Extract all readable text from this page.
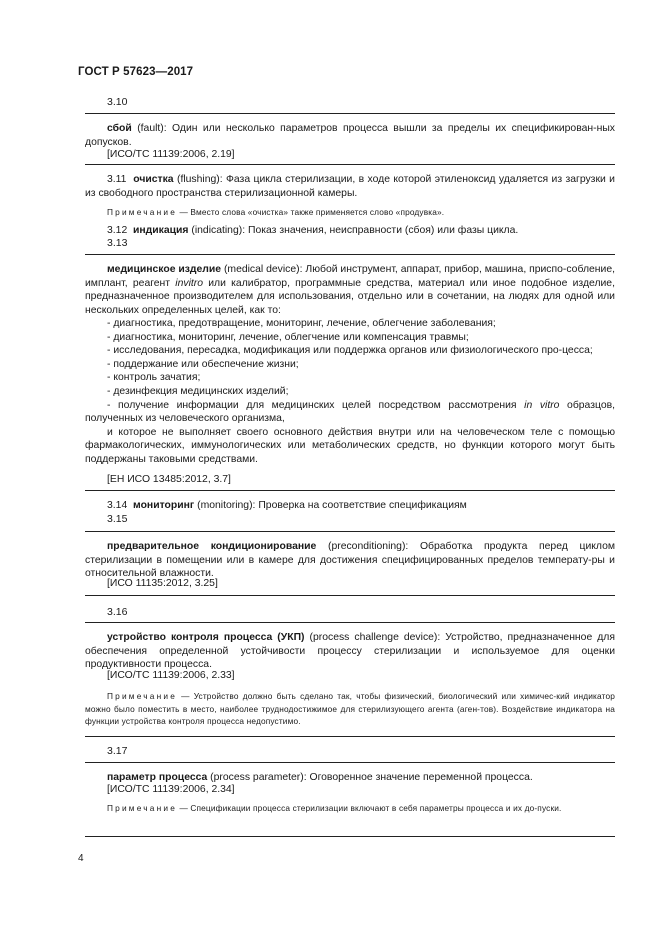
ГОСТ Р 57623—2017
3.10
сбой (fault): Один или несколько параметров процесса вышли за пределы их спецификирован-ных допусков.
[ИСО/ТС 11139:2006, 2.19]
3.11 очистка (flushing): Фаза цикла стерилизации, в ходе которой этиленоксид удаляется из загрузки и из свободного пространства стерилизационной камеры.
Примечание — Вместо слова «очистка» также применяется слово «продувка».
3.12 индикация (indicating): Показ значения, неисправности (сбоя) или фазы цикла.
3.13
медицинское изделие (medical device): Любой инструмент, аппарат, прибор, машина, приспо-собление, имплант, реагент invitro или калибратор, программные средства, материал или иное подобное изделие, предназначенное производителем для использования, отдельно или в сочетании, на людях для одной или нескольких определенных целей, как то:
- диагностика, предотвращение, мониторинг, лечение, облегчение заболевания;
- диагностика, мониторинг, лечение, облегчение или компенсация травмы;
- исследования, пересадка, модификация или поддержка органов или физиологического про-цесса;
- поддержание или обеспечение жизни;
- контроль зачатия;
- дезинфекция медицинских изделий;
- получение информации для медицинских целей посредством рассмотрения in vitro образцов, полученных из человеческого организма,
и которое не выполняет своего основного действия внутри или на человеческом теле с помощью фармакологических, иммунологических или метаболических средств, но функции которого могут быть поддержаны таковыми средствами.
[ЕН ИСО 13485:2012, 3.7]
3.14 мониторинг (monitoring): Проверка на соответствие спецификациям
3.15
предварительное кондиционирование (preconditioning): Обработка продукта перед циклом стерилизации в помещении или в камере для достижения специфицированных пределов температу-ры и относительной влажности.
[ИСО 11135:2012, 3.25]
3.16
устройство контроля процесса (УКП) (process challenge device): Устройство, предназначенное для обеспечения определенной устойчивости процессу стерилизации и используемое для оценки продуктивности процесса.
[ИСО/ТС 11139:2006, 2.33]
Примечание — Устройство должно быть сделано так, чтобы физический, биологический или химичес-кий индикатор можно было поместить в место, наиболее труднодостижимое для стерилизующего агента (аген-тов). Воздействие индикатора на функции устройства контроля процесса недопустимо.
3.17
параметр процесса (process parameter): Оговоренное значение переменной процесса.
[ИСО/ТС 11139:2006, 2.34]
Примечание — Спецификации процесса стерилизации включают в себя параметры процесса и их до-пуски.
4
